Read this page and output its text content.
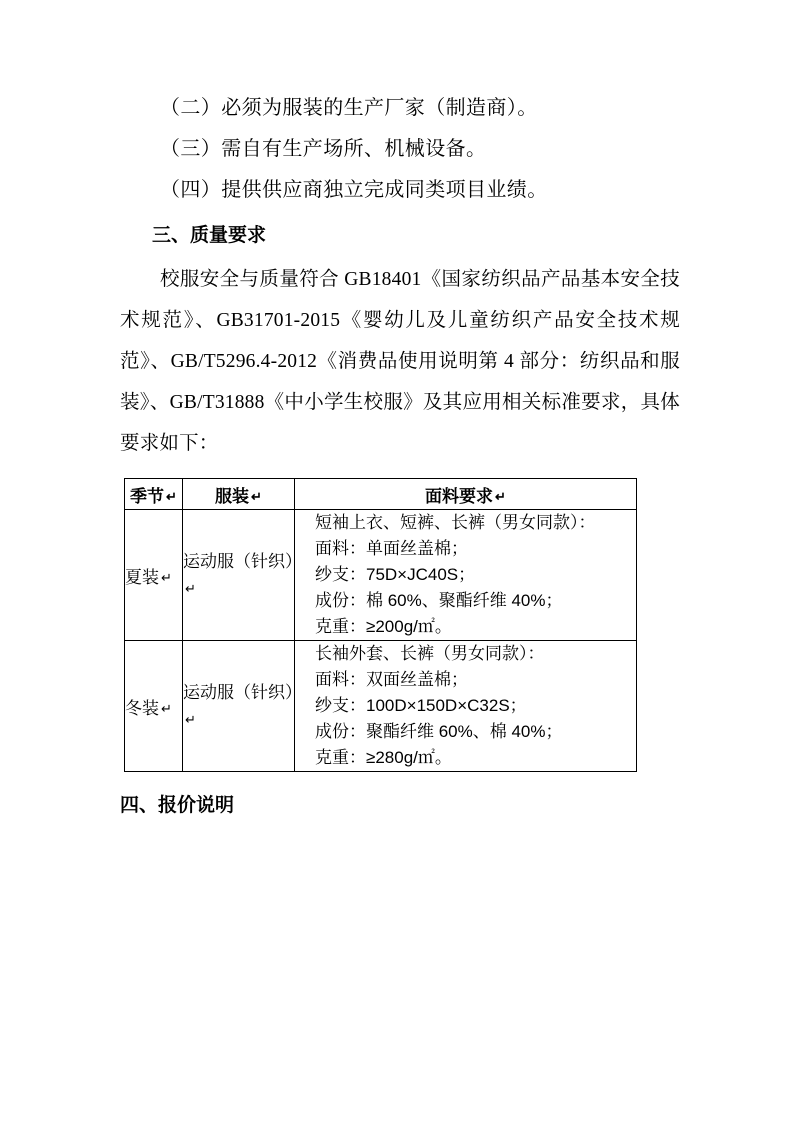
（二）必须为服装的生产厂家（制造商）。
（三）需自有生产场所、机械设备。
（四）提供供应商独立完成同类项目业绩。
三、质量要求
校服安全与质量符合 GB18401《国家纺织品产品基本安全技术规范》、GB31701-2015《婴幼儿及儿童纺织产品安全技术规范》、GB/T5296.4-2012《消费品使用说明第 4 部分：纺织品和服装》、GB/T31888《中小学生校服》及其应用相关标准要求，具体要求如下：
季节 ↵	服装 ↵	面料要求 ↵
夏装 ↵	运动服（针织）↵	短袖上衣、短裤、长裤（男女同款）：
面料：单面丝盖棉；
纱支：75D×JC40S；
成份：棉 60%、聚酯纤维 40%；
克重：≥200g/㎡。

冬装 ↵	运动服（针织）↵	长袖外套、长裤（男女同款）：
面料：双面丝盖棉；
纱支：100D×150D×C32S；
成份：聚酯纤维 60%、棉 40%；
克重：≥280g/㎡。
四、报价说明
